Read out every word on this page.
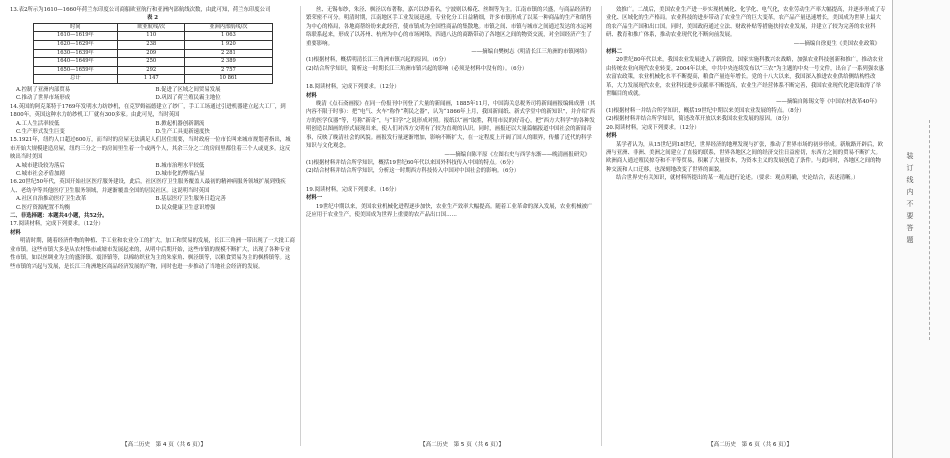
13.表2所示为1610—1660年荷兰东印度公司商船欧亚航行和亚洲内部航线次数，由此可知，荷兰东印度公司

表 2

时间	欧亚航线/次	亚洲内部航线/次
1610—1619年	110	1 063
1620—1629年	238	1 920
1630—1639年	209	2 281
1640—1649年	250	2 389
1650—1659年	292	2 757
总计	1 147	10 861
A.控制了亚洲内部贸易	B.促进了区域之间贸易发展
C.推动了世界市场形成	D.巩固了荷兰殖民霸主地位

14.英国的阿克莱特于1769年发明水力纺纱机，在克罗姆福德建立了纱厂，手工工场通过引进机器建立起大工厂，到1800年，英国这种水力纺纱机工厂就有300多家。由此可见，当时英国

A.工人生活率较低	B.掀起机器创新潮流
C.生产形式发生巨变	D.生产工具更新速度快

15.1921年，纽约人口超过600万，而当时的房屋无法满足人们居住需要，当时政府一位市长叫来城市规划者指出，城市开始大规模建造房屋，纽约三分之一的房间里生着一个或两个人，其余三分之二的房间里都住着三个人或更多。这反映出当时美国

A.城市建设较为落后	B.城市治理水平较低
C.城市社会矛盾加剧	D.城市化的弊端凸显

16.20世纪50年代，英国开始社区医疗服务建设，此后，社区医疗卫生服务覆盖人最初的精神病服务领域扩展到残疾人、老幼孕等其他医疗卫生服务领域，并逐渐覆盖全国的居民社区。这说明当时英国

A.社区自治推动医疗卫生改革	B.基层医疗卫生服务日趋完善
C.医疗资源配置不均衡	D.民众健康卫生意识增强

二、非选择题：本题共4小题，共52分。

17.阅读材料，完成下列要求。（12分）

材料

明清时期，随着经济作物的种植、手工业和农业分工的扩大，加工和贸易的发展，长江三角洲一带出现了一大批工商业市镇。这些市镇大多是从农村集市或墟市发展起来的，从明中后期开始，这些市镇的规模不断扩大，出现了各种专业性市镇，如以丝绸业为主的盛泽镇、震泽镇等，以棉纺织业为主的朱家角、枫泾镇等，以粮食贸易为主的枫桥镇等。这些市镇的兴起与发展，是长江三角洲地区商品经济发展的产物，同时也进一步推动了当地社会经济的发展。

丝、无锡布纱，朱泾、枫泾以布著称，嘉兴以纱着名，宁波则以棉花、丝绸等为主。江南市镇的兴盛，与商品经济的繁荣密不可分。明清时期，江南地区手工业发展迅速，专业化分工日益精细，许多市镇形成了以某一种商品的生产和销售为中心的格局，各地商帮纷纷来此经营，使市镇成为全国性商品的集散地。市镇之间、市镇与城市之间通过发达的水运网络联系起来，形成了以苏州、杭州为中心的市场网络，四通八达的商路带动了各地区之间的物资交流，对全国经济产生了重要影响。

——摘编自樊树志《明清长江三角洲的市镇网络》

(1)根据材料，概括明清长江三角洲市镇兴起的原因。（6分）

(2)结合所学知识，简析这一时期长江三角洲市镇兴起的影响（必须是材料中没有的）。（6分）

18.阅读材料，完成下列要求。（12分）

材料

晚清《点石斋画报》在同一份报刊中刊登了大量的新闻画，1885年11月，中国海关总税务司将新闻画报编辑成册（其内容不限于时事）：把“电气、火车”称作“利民之器”，认为“1866年上月，我国新闻纸、新式学堂中的新知识”，并介绍“西方的医学仪器”等，号称“新奇”，与“旧学”之说形成对照。报纸以“画”取胜，利用市民的好奇心，把“西方大科学”的各种发明创造以图画的形式展现出来，使人们对西方文明有了较为直观的认识。同时，画报还以大量篇幅报道中国社会的新闻奇事，反映了晚清社会的风貌。画报发行量逐渐增加，影响不断扩大，在一定程度上开阔了国人的眼界，传播了近代的科学知识与文化观念。

——摘编自陈平原《左图右史与西学东渐——晚清画报研究》

(1)根据材料并结合所学知识，概括19世纪60年代以来国外科技传入中国的特点。（6分）

(2)结合材料并结合所学知识，分析这一时期西方科技传入中国对中国社会的影响。（6分）

19.阅读材料，完成下列要求。（16分）

材料一

19世纪中期以来，美国农业机械化进程逐步加快，农业生产效率大幅提高。随着工业革命的深入发展，农业机械被广泛应用于农业生产，使美国成为世界上重要的农产品出口国……

效推广。二战后，美国农业生产进一步实现机械化、化学化、电气化，农业劳动生产率大幅提高，并逐步形成了专业化、区域化的生产格局。农业科技的进步带动了农业生产的巨大变革，农产品产量迅速增长，美国成为世界上最大的农产品生产国和出口国。同时，美国政府通过立法、财政补贴等措施扶持农业发展，并建立了较为完善的农业科研、教育和推广体系，推动农业现代化不断向前发展。

——摘编自徐更生《美国农业政策》

材料二

20世纪80年代以来，我国农业发展进入了新阶段。国家实施科教兴农战略，加强农业科技创新和推广，推动农业由传统农业向现代农业转变。2004年以来，中共中央连续发布以“三农”为主题的中央一号文件，出台了一系列强农惠农富农政策，农业机械化水平不断提高，粮食产量连年增长。党的十八大以来，我国深入推进农业供给侧结构性改革，大力发展现代农业，农业科技进步贡献率不断提高，农业生产经营体系不断完善，我国农业现代化建设取得了举世瞩目的成就。

——摘编自陈锡文等《中国农村改革40年》

(1)根据材料一并结合所学知识，概括19世纪中期以来美国农业发展的特点。（8分）

(2)根据材料并结合所学知识，简述改革开放以来我国农业发展的原因。（8分）

20.阅读材料，完成下列要求。（12分）

材料

某学者认为，从15世纪到18世纪，世界经济的地理发现与扩张，推动了世界市场的初步形成。新航路开辟后，欧洲与亚洲、非洲、美洲之间建立了直接的联系，世界各地区之间的经济交往日益密切，东西方之间的贸易不断扩大。欧洲商人通过殖民掠夺和不平等贸易，积累了大量资本，为资本主义的发展创造了条件。与此同时，各地区之间的物种交流和人口迁移，也深刻地改变了世界的面貌。

结合世界史有关知识，就材料所提出的某一观点进行论述。（要求：观点明确，史论结合，表述清晰。）

【高二历史　第 4 页（共 6 页）】	【高二历史　第 5 页（共 6 页）】	【高二历史　第 6 页（共 6 页）】
装
订
线
内
不
要
答
题
